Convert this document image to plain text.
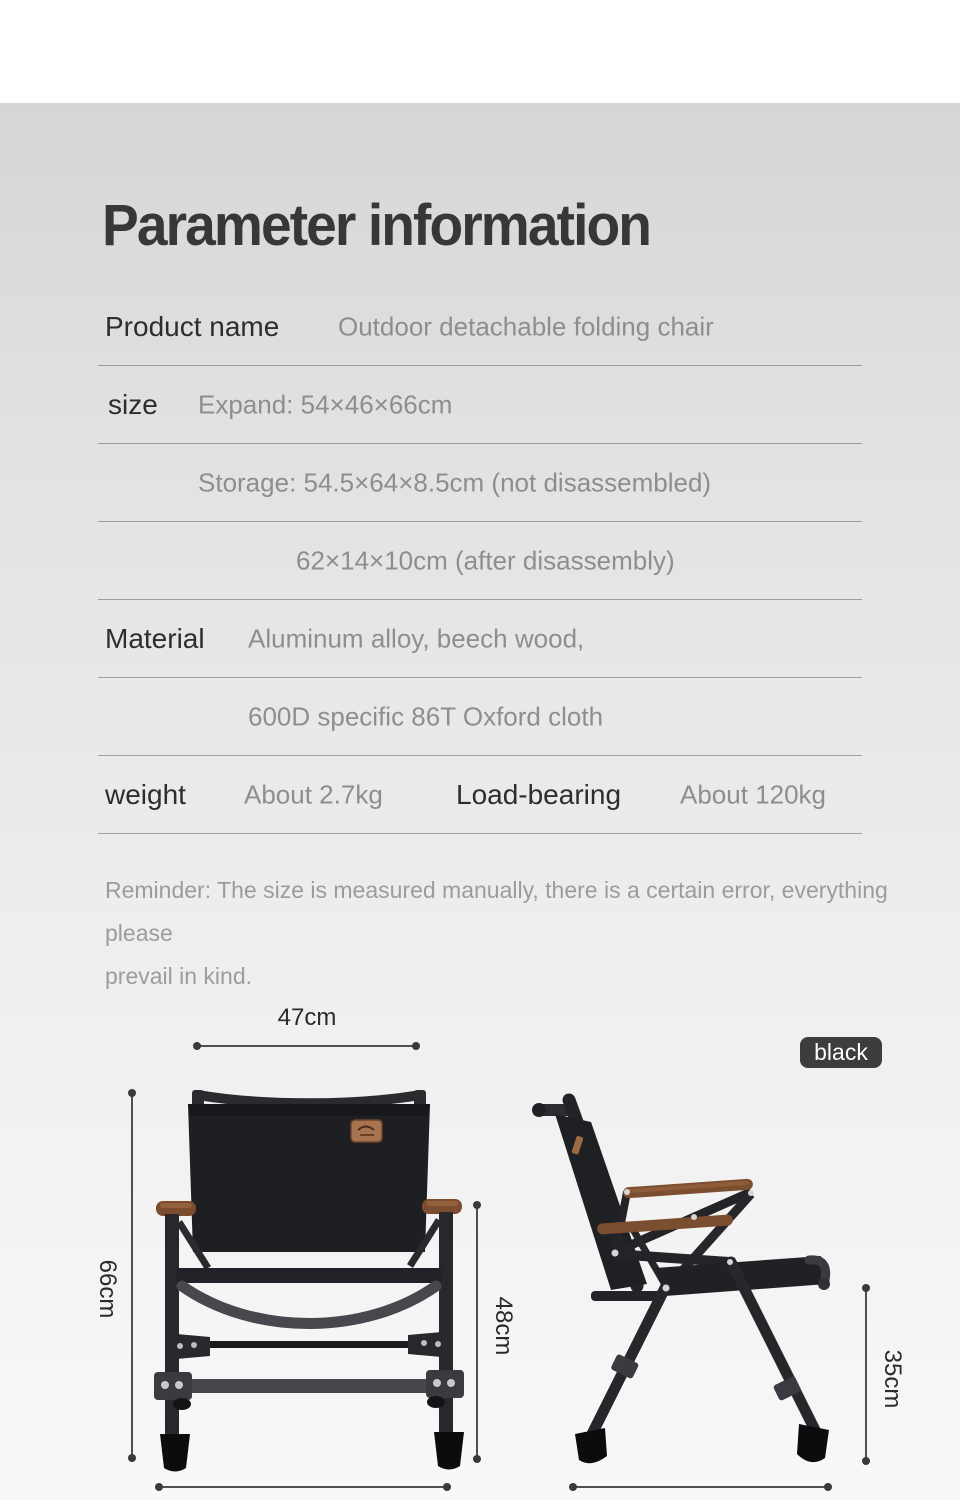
Parameter information
Product name Outdoor detachable folding chair
size Expand: 54×46×66cm
Storage: 54.5×64×8.5cm (not disassembled)
62×14×10cm (after disassembly)
Material Aluminum alloy, beech wood,
600D specific 86T Oxford cloth
weight About 2.7kg	Load-bearing About 120kg
Reminder: The size is measured manually, there is a certain error, everything please
prevail in kind.
47cm
66cm
48cm
35cm
black
